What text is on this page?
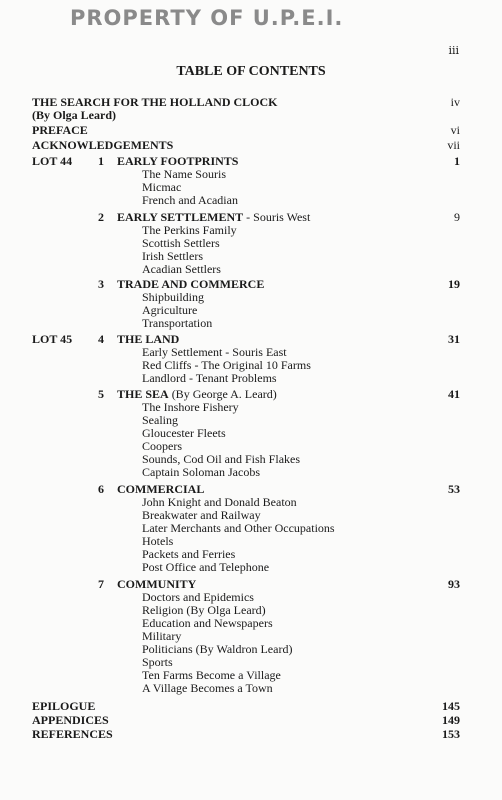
PROPERTY OF U.P.E.I.
iii
TABLE OF CONTENTS
THE SEARCH FOR THE HOLLAND CLOCK	iv
(By Olga Leard)
PREFACE	vi
ACKNOWLEDGEMENTS	vii
LOT 44 1 EARLY FOOTPRINTS	1
The Name Souris
Micmac
French and Acadian
2 EARLY SETTLEMENT - Souris West	9
The Perkins Family
Scottish Settlers
Irish Settlers
Acadian Settlers
3 TRADE AND COMMERCE	19
Shipbuilding
Agriculture
Transportation
LOT 45 4 THE LAND	31
Early Settlement - Souris East
Red Cliffs - The Original 10 Farms
Landlord - Tenant Problems
5 THE SEA (By George A. Leard)	41
The Inshore Fishery
Sealing
Gloucester Fleets
Coopers
Sounds, Cod Oil and Fish Flakes
Captain Soloman Jacobs
6 COMMERCIAL	53
John Knight and Donald Beaton
Breakwater and Railway
Later Merchants and Other Occupations
Hotels
Packets and Ferries
Post Office and Telephone
7 COMMUNITY	93
Doctors and Epidemics
Religion (By Olga Leard)
Education and Newspapers
Military
Politicians (By Waldron Leard)
Sports
Ten Farms Become a Village
A Village Becomes a Town
EPILOGUE	145
APPENDICES	149
REFERENCES	153
